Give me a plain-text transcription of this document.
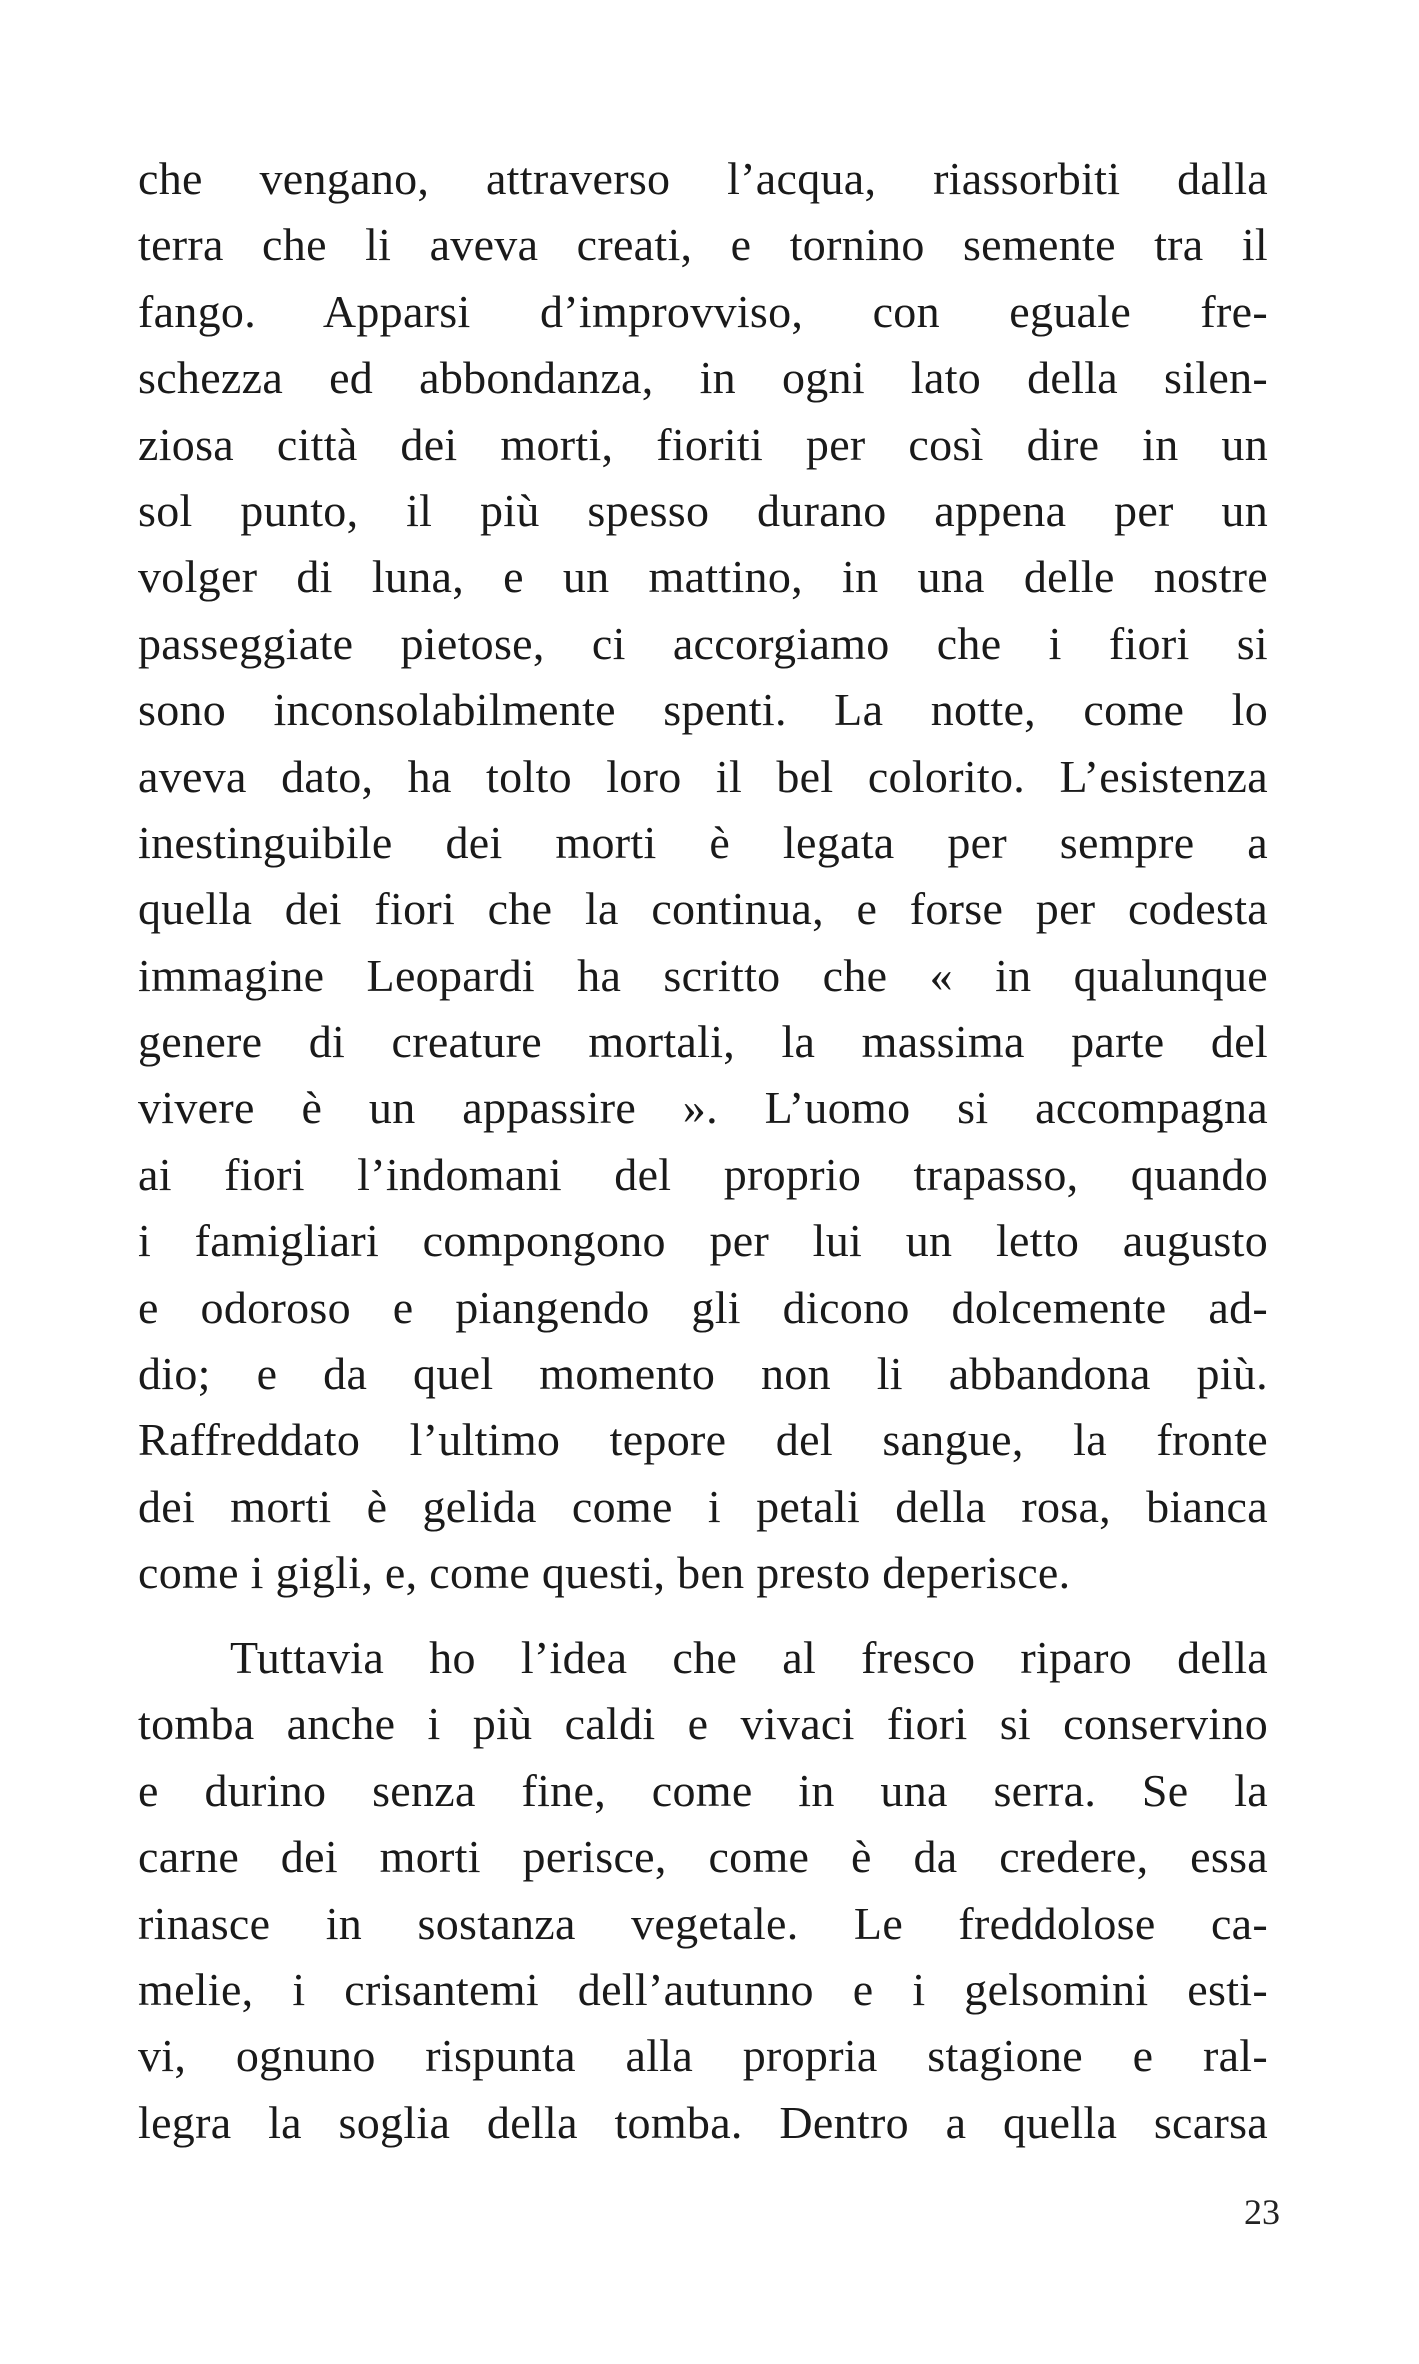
che vengano, attraverso l’acqua, riassorbiti dalla
terra che li aveva creati, e tornino semente tra il
fango. Apparsi d’improvviso, con eguale fre-
schezza ed abbondanza, in ogni lato della silen-
ziosa città dei morti, fioriti per così dire in un
sol punto, il più spesso durano appena per un
volger di luna, e un mattino, in una delle nostre
passeggiate pietose, ci accorgiamo che i fiori si
sono inconsolabilmente spenti. La notte, come lo
aveva dato, ha tolto loro il bel colorito. L’esistenza
inestinguibile dei morti è legata per sempre a
quella dei fiori che la continua, e forse per codesta
immagine Leopardi ha scritto che « in qualunque
genere di creature mortali, la massima parte del
vivere è un appassire ». L’uomo si accompagna
ai fiori l’indomani del proprio trapasso, quando
i famigliari compongono per lui un letto augusto
e odoroso e piangendo gli dicono dolcemente ad-
dio; e da quel momento non li abbandona più.
Raffreddato l’ultimo tepore del sangue, la fronte
dei morti è gelida come i petali della rosa, bianca
come i gigli, e, come questi, ben presto deperisce.
Tuttavia ho l’idea che al fresco riparo della
tomba anche i più caldi e vivaci fiori si conservino
e durino senza fine, come in una serra. Se la
carne dei morti perisce, come è da credere, essa
rinasce in sostanza vegetale. Le freddolose ca-
melie, i crisantemi dell’autunno e i gelsomini esti-
vi, ognuno rispunta alla propria stagione e ral-
legra la soglia della tomba. Dentro a quella scarsa
23
